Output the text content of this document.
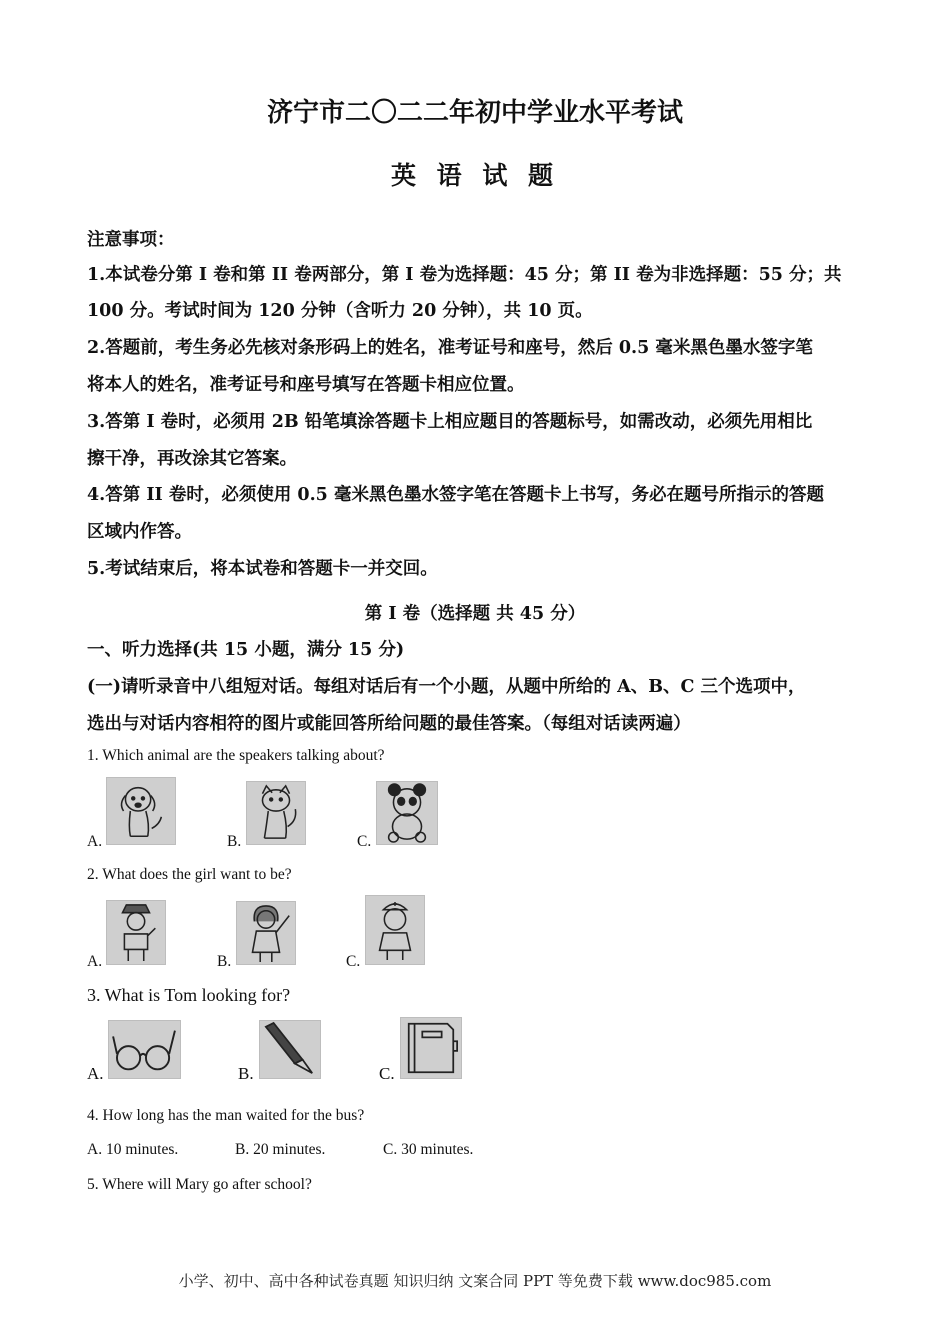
济宁市二〇二二年初中学业水平考试
英 语 试 题
注意事项：
1.本试卷分第 I 卷和第 II 卷两部分，第 I 卷为选择题：45 分；第 II 卷为非选择题：55 分；共
100 分。考试时间为 120 分钟（含听力 20 分钟），共 10 页。
2.答题前，考生务必先核对条形码上的姓名，准考证号和座号，然后 0.5 毫米黑色墨水签字笔
将本人的姓名，准考证号和座号填写在答题卡相应位置。
3.答第 I 卷时，必须用 2B 铅笔填涂答题卡上相应题目的答题标号，如需改动，必须先用相比
擦干净，再改涂其它答案。
4.答第 II 卷时，必须使用 0.5 毫米黑色墨水签字笔在答题卡上书写，务必在题号所指示的答题
区域内作答。
5.考试结束后，将本试卷和答题卡一并交回。
第 I 卷（选择题 共 45 分）
一、听力选择(共 15 小题，满分 15 分)
(一)请听录音中八组短对话。每组对话后有一个小题，从题中所给的 A、B、C 三个选项中，
选出与对话内容相符的图片或能回答所给问题的最佳答案。（每组对话读两遍）
1. Which animal are the speakers talking about?
A.	B.	C.
2. What does the girl want to be?
A.	B.	C.
3. What is Tom looking for?
A.	B.	C.
4. How long has the man waited for the bus?
A. 10 minutes.	B. 20 minutes.	C. 30 minutes.
5. Where will Mary go after school?
小学、初中、高中各种试卷真题 知识归纳 文案合同 PPT 等免费下载 www.doc985.com
